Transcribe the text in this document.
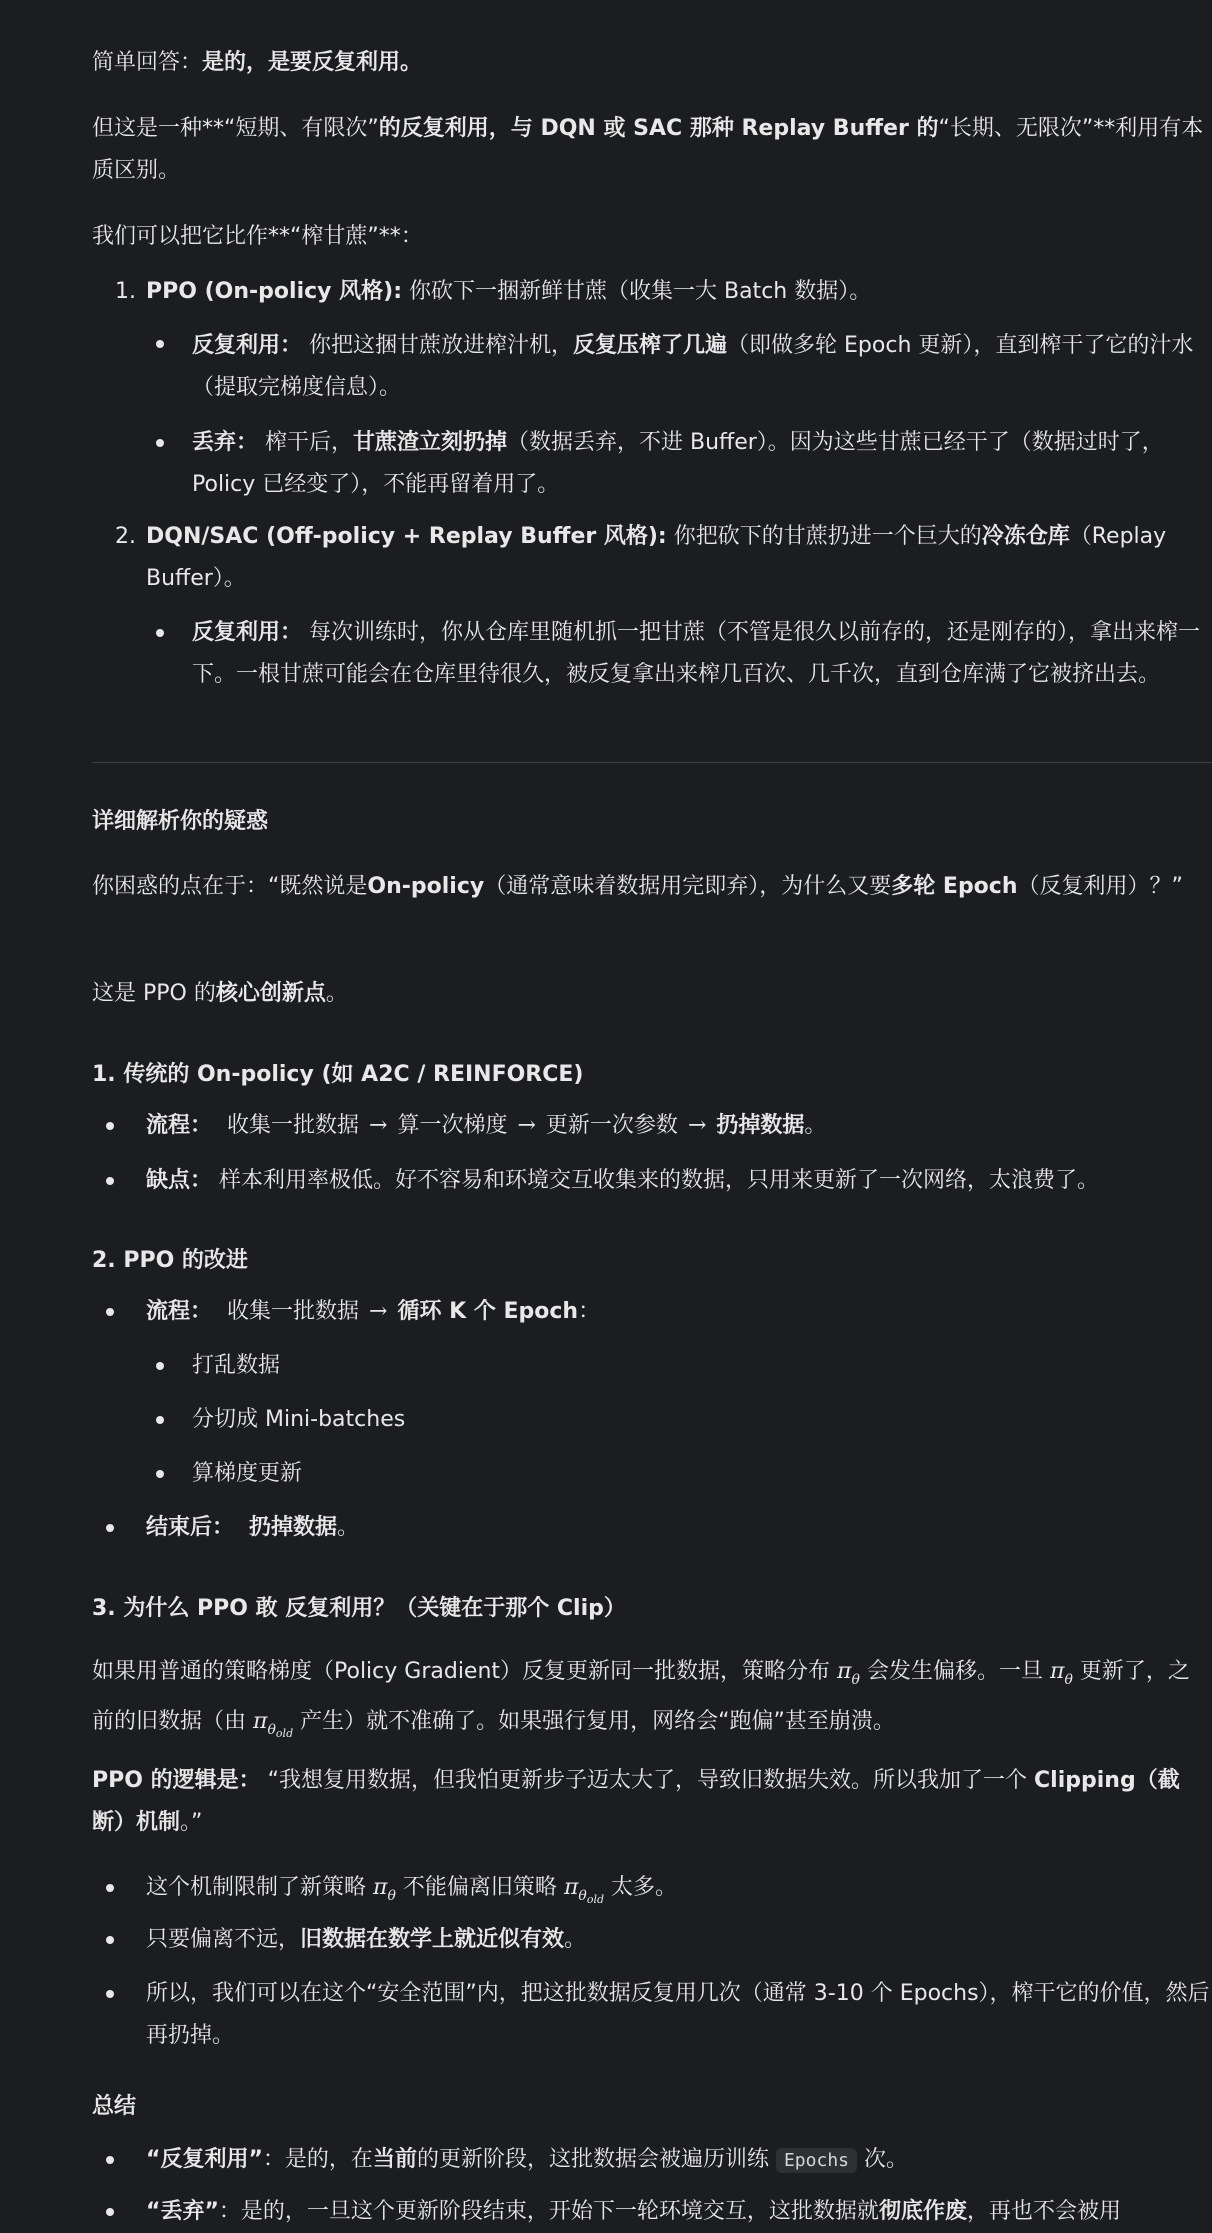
简单回答：是的，是要反复利用。
但这是一种**“短期、有限次”的反复利用，与 DQN 或 SAC 那种 Replay Buffer 的“长期、无限次”**利用有本质区别。
我们可以把它比作**“榨甘蔗”**：
1. PPO (On-policy 风格): 你砍下一捆新鲜甘蔗（收集一大 Batch 数据）。
反复利用： 你把这捆甘蔗放进榨汁机，反复压榨了几遍（即做多轮 Epoch 更新），直到榨干了它的汁水（提取完梯度信息）。
丢弃： 榨干后，甘蔗渣立刻扔掉（数据丢弃，不进 Buffer）。因为这些甘蔗已经干了（数据过时了，Policy 已经变了），不能再留着用了。
2. DQN/SAC (Off-policy + Replay Buffer 风格): 你把砍下的甘蔗扔进一个巨大的冷冻仓库（Replay Buffer）。
反复利用： 每次训练时，你从仓库里随机抓一把甘蔗（不管是很久以前存的，还是刚存的），拿出来榨一下。一根甘蔗可能会在仓库里待很久，被反复拿出来榨几百次、几千次，直到仓库满了它被挤出去。
详细解析你的疑惑
你困惑的点在于：“既然说是On-policy（通常意味着数据用完即弃），为什么又要多轮 Epoch（反复利用）？”
这是 PPO 的核心创新点。
1. 传统的 On-policy (如 A2C / REINFORCE)
流程： 收集一批数据 → 算一次梯度 → 更新一次参数 → 扔掉数据。
缺点： 样本利用率极低。好不容易和环境交互收集来的数据，只用来更新了一次网络，太浪费了。
2. PPO 的改进
流程： 收集一批数据 → 循环 K 个 Epoch：
打乱数据
分切成 Mini-batches
算梯度更新
结束后： 扔掉数据。
3. 为什么 PPO 敢 反复利用？（关键在于那个 Clip）
如果用普通的策略梯度（Policy Gradient）反复更新同一批数据，策略分布 $\pi_\theta$ 会发生偏移。一旦 $\pi_\theta$ 更新了，之前的旧数据（由 $\pi_{\theta_{old}}$ 产生）就不准确了。如果强行复用，网络会“跑偏”甚至崩溃。
PPO 的逻辑是： “我想复用数据，但我怕更新步子迈太大了，导致旧数据失效。所以我加了一个 Clipping（截断）机制。”
这个机制限制了新策略 $\pi_\theta$ 不能偏离旧策略 $\pi_{\theta_{old}}$ 太多。
只要偏离不远，旧数据在数学上就近似有效。
所以，我们可以在这个“安全范围”内，把这批数据反复用几次（通常 3-10 个 Epochs），榨干它的价值，然后再扔掉。
总结
“反复利用”：是的，在当前的更新阶段，这批数据会被遍历训练 Epochs 次。
“丢弃”：是的，一旦这个更新阶段结束，开始下一轮环境交互，这批数据就彻底作废，再也不会被用
